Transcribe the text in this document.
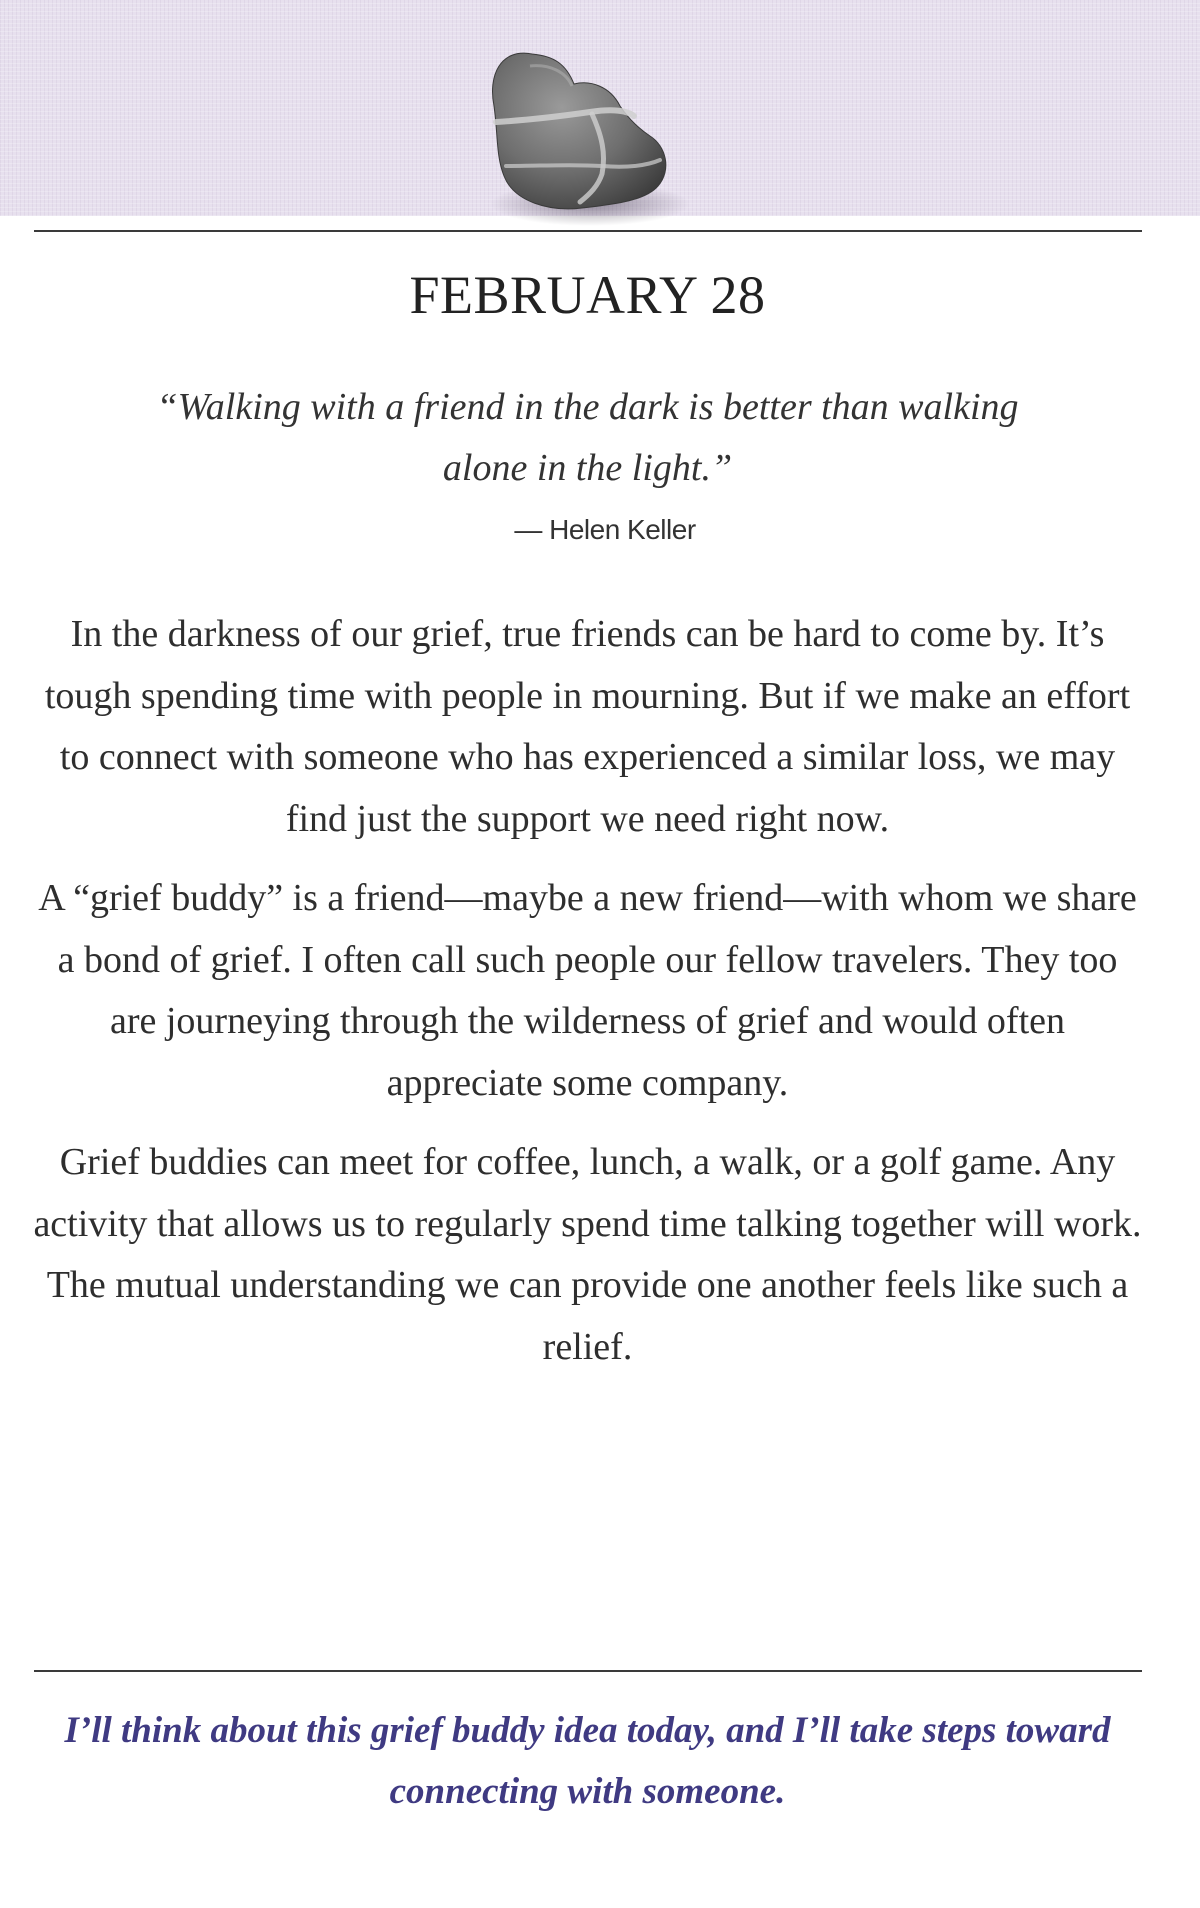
FEBRUARY 28
“Walking with a friend in the dark is better than walking alone in the light.”
— Helen Keller

In the darkness of our grief, true friends can be hard to come by. It’s tough spending time with people in mourning. But if we make an effort to connect with someone who has experienced a similar loss, we may find just the support we need right now.

A “grief buddy” is a friend—maybe a new friend—with whom we share a bond of grief. I often call such people our fellow travelers. They too are journeying through the wilderness of grief and would often appreciate some company.

Grief buddies can meet for coffee, lunch, a walk, or a golf game. Any activity that allows us to regularly spend time talking together will work. The mutual understanding we can provide one another feels like such a relief.

I’ll think about this grief buddy idea today, and I’ll take steps toward connecting with someone.
